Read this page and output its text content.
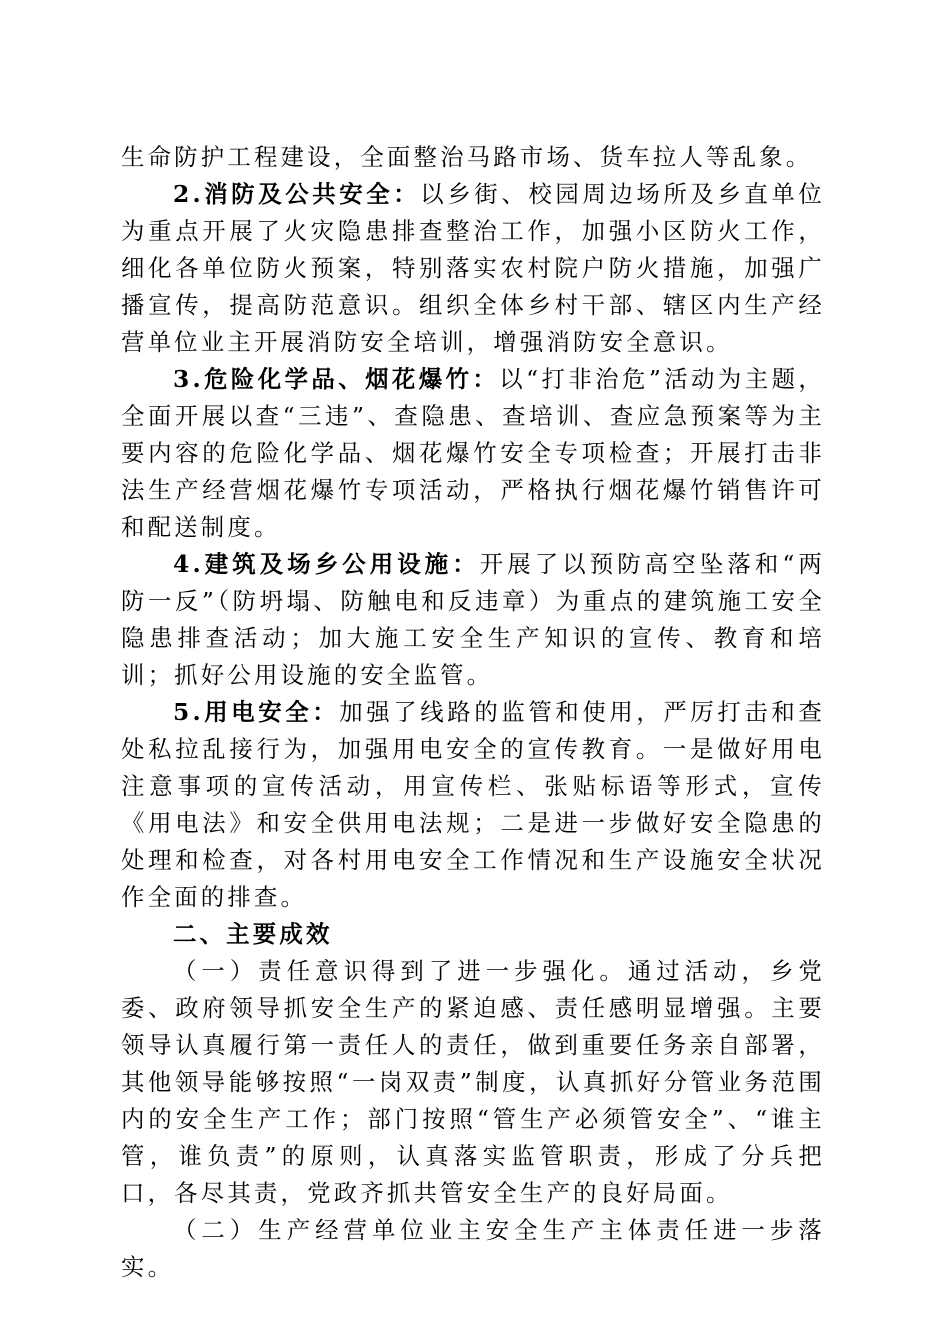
生命防护工程建设，全面整治马路市场、货车拉人等乱象。

2.消防及公共安全：以乡街、校园周边场所及乡直单位为重点开展了火灾隐患排查整治工作，加强小区防火工作，细化各单位防火预案，特别落实农村院户防火措施，加强广播宣传，提高防范意识。组织全体乡村干部、辖区内生产经营单位业主开展消防安全培训，增强消防安全意识。

3.危险化学品、烟花爆竹：以“打非治危”活动为主题，全面开展以查“三违”、查隐患、查培训、查应急预案等为主要内容的危险化学品、烟花爆竹安全专项检查；开展打击非法生产经营烟花爆竹专项活动，严格执行烟花爆竹销售许可和配送制度。

4.建筑及场乡公用设施：开展了以预防高空坠落和“两防一反”（防坍塌、防触电和反违章）为重点的建筑施工安全隐患排查活动；加大施工安全生产知识的宣传、教育和培训；抓好公用设施的安全监管。

5.用电安全：加强了线路的监管和使用，严厉打击和查处私拉乱接行为，加强用电安全的宣传教育。一是做好用电注意事项的宣传活动，用宣传栏、张贴标语等形式，宣传《用电法》和安全供用电法规；二是进一步做好安全隐患的处理和检查，对各村用电安全工作情况和生产设施安全状况作全面的排查。

二、主要成效

（一）责任意识得到了进一步强化。通过活动，乡党委、政府领导抓安全生产的紧迫感、责任感明显增强。主要领导认真履行第一责任人的责任，做到重要任务亲自部署，其他领导能够按照“一岗双责”制度，认真抓好分管业务范围内的安全生产工作；部门按照“管生产必须管安全”、“谁主管，谁负责”的原则，认真落实监管职责，形成了分兵把口，各尽其责，党政齐抓共管安全生产的良好局面。

（二）生产经营单位业主安全生产主体责任进一步落实。
